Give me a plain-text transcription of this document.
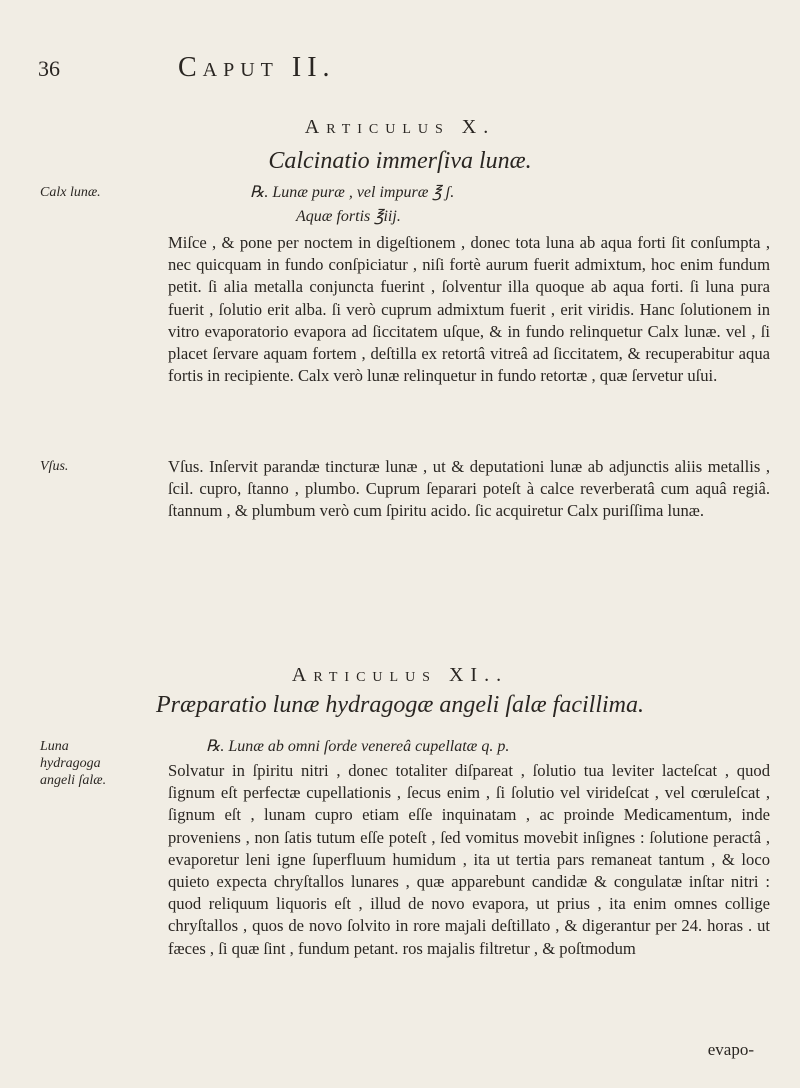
36	Caput II.
Articulus X.
Calcinatio immerſiva lunæ.
Calx lunæ.	℞. Lunæ puræ , vel impuræ ℥ ʃ.
Aquæ fortis ℥iij.

Miſce , & pone per noctem in digeſtionem , donec tota luna ab aqua forti ſit conſumpta , nec quicquam in fundo conſpiciatur , niſi fortè aurum fuerit admixtum, hoc enim fundum petit. ſi alia metalla conjuncta fuerint , ſolventur illa quoque ab aqua forti. ſi luna pura fuerit , ſolutio erit alba. ſi verò cuprum admixtum fuerit , erit viridis. Hanc ſolutionem in vitro evaporatorio evapora ad ſiccitatem uſque, & in fundo relinquetur Calx lunæ. vel , ſi placet ſervare aquam fortem , deſtilla ex retortâ vitreâ ad ſiccitatem, & recuperabitur aqua fortis in recipiente. Calx verò lunæ relinquetur in fundo retortæ , quæ ſervetur uſui.

Vſus.	Vſus. Inſervit parandæ tincturæ lunæ , ut & deputationi lunæ ab adjunctis aliis metallis , ſcil. cupro, ſtanno , plumbo. Cuprum ſeparari poteſt à calce reverberatâ cum aquâ regiâ. ſtannum , & plumbum verò cum ſpiritu acido. ſic acquiretur Calx puriſſima lunæ.

Articulus XI..
Præparatio lunæ hydragogæ angeli ſalæ facillima.
Luna hydragoga angeli ſalæ.
℞. Lunæ ab omni ſorde venereâ cupellatæ q. p.

Solvatur in ſpiritu nitri , donec totaliter diſpareat , ſolutio tua leviter lacteſcat , quod ſignum eſt perfectæ cupellationis , ſecus enim , ſi ſolutio vel virideſcat , vel cœruleſcat , ſignum eſt , lunam cupro etiam eſſe inquinatam , ac proinde Medicamentum, inde proveniens , non ſatis tutum eſſe poteſt , ſed vomitus movebit inſignes : ſolutione peractâ , evaporetur leni igne ſuperfluum humidum , ita ut tertia pars remaneat tantum , & loco quieto expecta chryſtallos lunares , quæ apparebunt candidæ & congulatæ inſtar nitri : quod reliquum liquoris eſt , illud de novo evapora, ut prius , ita enim omnes collige chryſtallos , quos de novo ſolvito in rore majali deſtillato , & digerantur per 24. horas . ut fæces , ſi quæ ſint , fundum petant. ros majalis filtretur , & poſtmodum

evapo-
